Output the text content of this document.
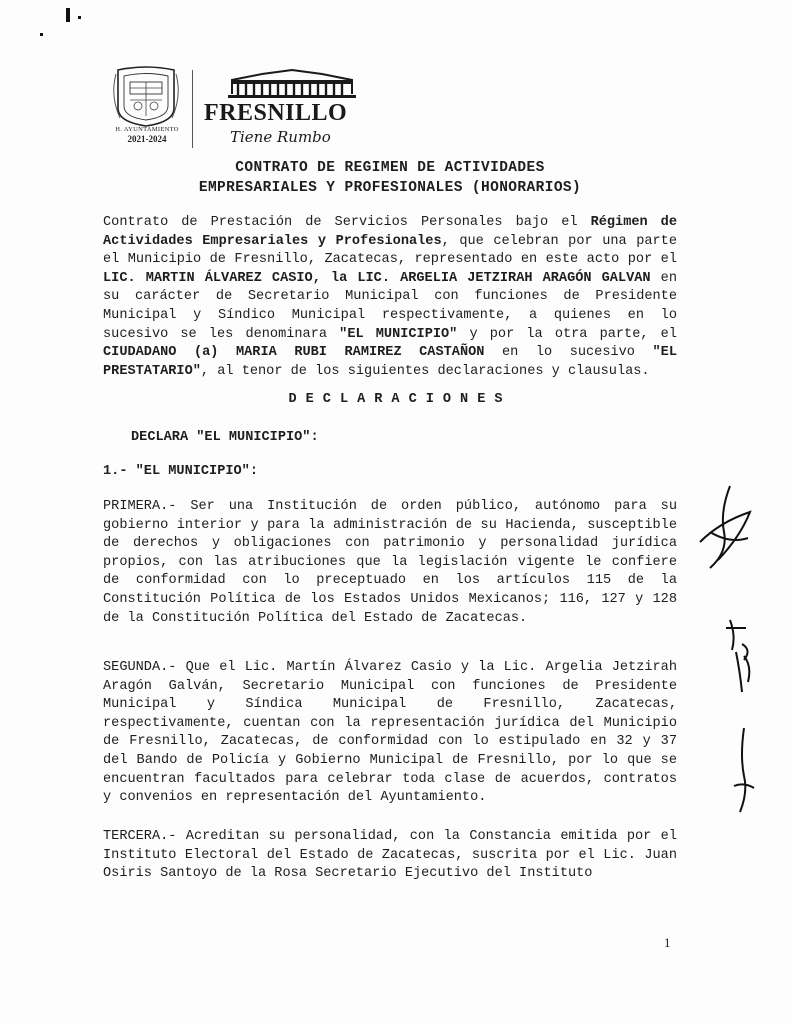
H. AYUNTAMIENTO
2021-2024
FRESNILLO
Tiene Rumbo
CONTRATO DE REGIMEN DE ACTIVIDADES
EMPRESARIALES Y PROFESIONALES (HONORARIOS)
Contrato de Prestación de Servicios Personales bajo el Régimen de Actividades Empresariales y Profesionales, que celebran por una parte el Municipio de Fresnillo, Zacatecas, representado en este acto por el LIC. MARTIN ÁLVAREZ CASIO, la LIC. ARGELIA JETZIRAH ARAGÓN GALVAN en su carácter de Secretario Municipal con funciones de Presidente Municipal y Síndico Municipal respectivamente, a quienes en lo sucesivo se les denominara "EL MUNICIPIO" y por la otra parte, el CIUDADANO (a) MARIA RUBI RAMIREZ CASTAÑON en lo sucesivo "EL PRESTATARIO", al tenor de los siguientes declaraciones y clausulas.
DECLARACIONES
DECLARA "EL MUNICIPIO":
1.- "EL MUNICIPIO":
PRIMERA.- Ser una Institución de orden público, autónomo para su gobierno interior y para la administración de su Hacienda, susceptible de derechos y obligaciones con patrimonio y personalidad jurídica propios, con las atribuciones que la legislación vigente le confiere de conformidad con lo preceptuado en los artículos 115 de la Constitución Política de los Estados Unidos Mexicanos; 116, 127 y 128 de la Constitución Política del Estado de Zacatecas.
SEGUNDA.- Que el Lic. Martín Álvarez Casio y la Lic. Argelia Jetzirah Aragón Galván, Secretario Municipal con funciones de Presidente Municipal y Síndica Municipal de Fresnillo, Zacatecas, respectivamente, cuentan con la representación jurídica del Municipio de Fresnillo, Zacatecas, de conformidad con lo estipulado en 32 y 37 del Bando de Policía y Gobierno Municipal de Fresnillo, por lo que se encuentran facultados para celebrar toda clase de acuerdos, contratos y convenios en representación del Ayuntamiento.
TERCERA.- Acreditan su personalidad, con la Constancia emitida por el Instituto Electoral del Estado de Zacatecas, suscrita por el Lic. Juan Osiris Santoyo de la Rosa Secretario Ejecutivo del Instituto
1
